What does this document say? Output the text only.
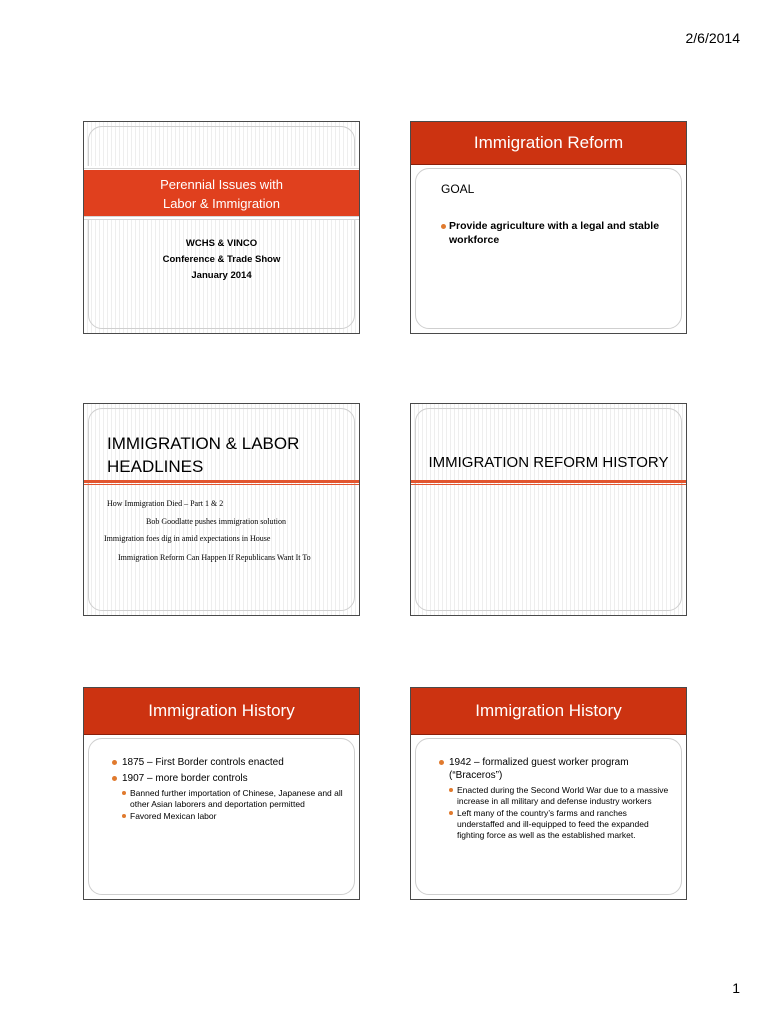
2/6/2014
Perennial Issues with
Labor & Immigration
WCHS & VINCO
Conference & Trade Show
January 2014
Immigration Reform
GOAL
Provide agriculture with a legal and stable workforce
IMMIGRATION & LABOR
HEADLINES
How Immigration Died – Part 1 & 2
Bob Goodlatte pushes immigration solution
Immigration foes dig in amid expectations in House
Immigration Reform Can Happen If Republicans Want It To
IMMIGRATION REFORM HISTORY
Immigration History
1875 – First Border controls enacted
1907 – more border controls
Banned further importation of Chinese, Japanese and all other Asian laborers and deportation permitted
Favored Mexican labor
Immigration History
1942 – formalized guest worker program (“Braceros”)
Enacted during the Second World War due to a massive increase in all military and defense industry workers
Left many of the country’s farms and ranches understaffed and ill-equipped to feed the expanded fighting force as well as the established market.
1
